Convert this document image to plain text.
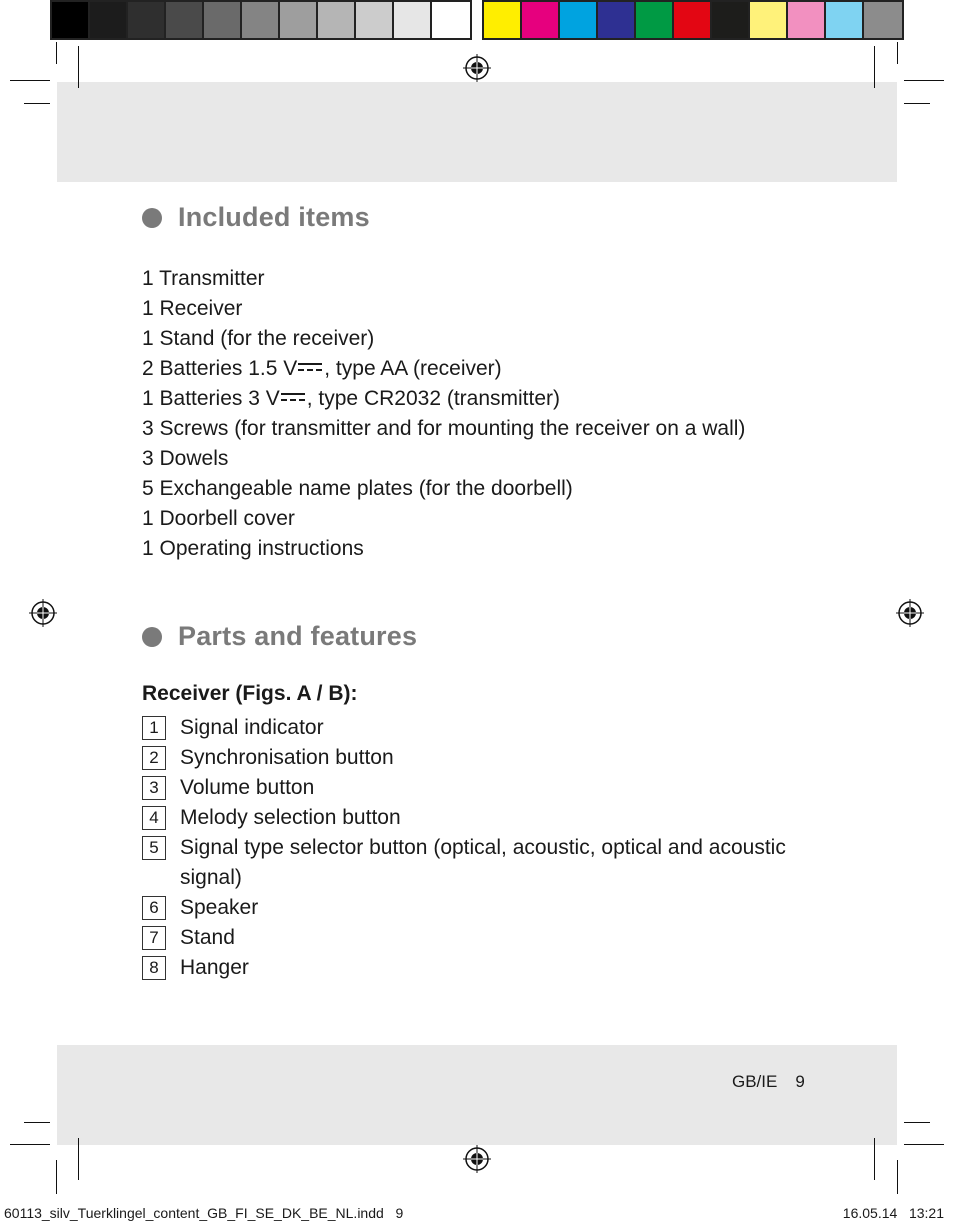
Included items
1 Transmitter
1 Receiver
1 Stand (for the receiver)
2 Batteries 1.5 V , type AA (receiver)
1 Batteries 3 V , type CR2032 (transmitter)
3 Screws (for transmitter and for mounting the receiver on a wall)
3 Dowels
5 Exchangeable name plates (for the doorbell)
1 Doorbell cover
1 Operating instructions
Parts and features
Receiver (Figs. A / B):
1	Signal indicator
2	Synchronisation button
3	Volume button
4	Melody selection button
5	Signal type selector button (optical, acoustic, optical and acoustic signal)
6	Speaker
7	Stand
8	Hanger
GB/IE 9
60113_silv_Tuerklingel_content_GB_FI_SE_DK_BE_NL.indd   9	16.05.14   13:21
